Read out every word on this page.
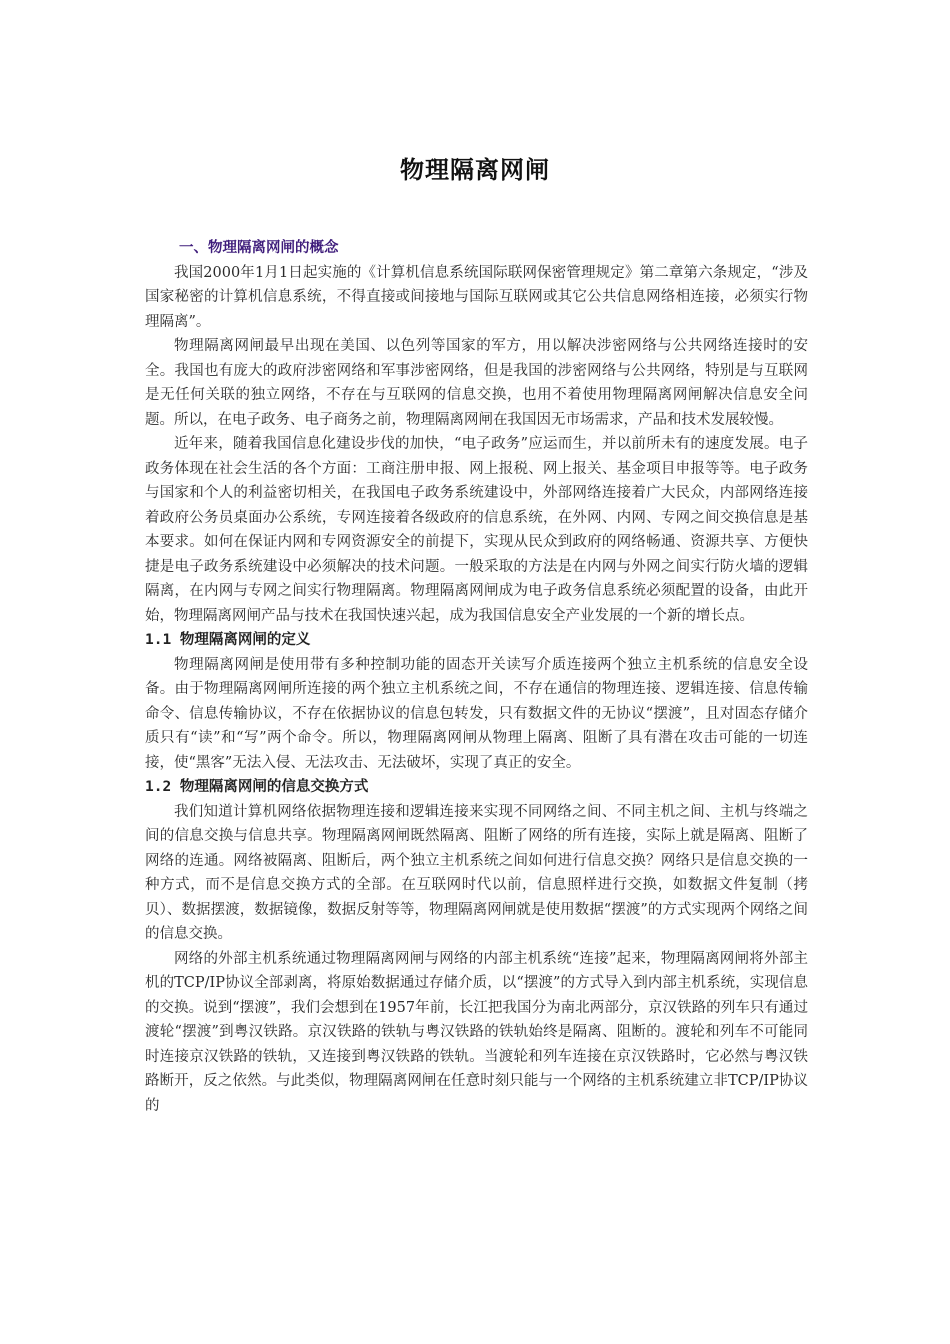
物理隔离网闸
一、物理隔离网闸的概念

我国2000年1月1日起实施的《计算机信息系统国际联网保密管理规定》第二章第六条规定，“涉及国家秘密的计算机信息系统，不得直接或间接地与国际互联网或其它公共信息网络相连接，必须实行物理隔离”。

物理隔离网闸最早出现在美国、以色列等国家的军方，用以解决涉密网络与公共网络连接时的安全。我国也有庞大的政府涉密网络和军事涉密网络，但是我国的涉密网络与公共网络，特别是与互联网是无任何关联的独立网络，不存在与互联网的信息交换，也用不着使用物理隔离网闸解决信息安全问题。所以，在电子政务、电子商务之前，物理隔离网闸在我国因无市场需求，产品和技术发展较慢。

近年来，随着我国信息化建设步伐的加快，“电子政务”应运而生，并以前所未有的速度发展。电子政务体现在社会生活的各个方面：工商注册申报、网上报税、网上报关、基金项目申报等等。电子政务与国家和个人的利益密切相关，在我国电子政务系统建设中，外部网络连接着广大民众，内部网络连接着政府公务员桌面办公系统，专网连接着各级政府的信息系统，在外网、内网、专网之间交换信息是基本要求。如何在保证内网和专网资源安全的前提下，实现从民众到政府的网络畅通、资源共享、方便快捷是电子政务系统建设中必须解决的技术问题。一般采取的方法是在内网与外网之间实行防火墙的逻辑隔离，在内网与专网之间实行物理隔离。物理隔离网闸成为电子政务信息系统必须配置的设备，由此开始，物理隔离网闸产品与技术在我国快速兴起，成为我国信息安全产业发展的一个新的增长点。

1.1 物理隔离网闸的定义

物理隔离网闸是使用带有多种控制功能的固态开关读写介质连接两个独立主机系统的信息安全设备。由于物理隔离网闸所连接的两个独立主机系统之间，不存在通信的物理连接、逻辑连接、信息传输命令、信息传输协议，不存在依据协议的信息包转发，只有数据文件的无协议“摆渡”，且对固态存储介质只有“读”和“写”两个命令。所以，物理隔离网闸从物理上隔离、阻断了具有潜在攻击可能的一切连接，使“黑客”无法入侵、无法攻击、无法破坏，实现了真正的安全。

1.2 物理隔离网闸的信息交换方式

我们知道计算机网络依据物理连接和逻辑连接来实现不同网络之间、不同主机之间、主机与终端之间的信息交换与信息共享。物理隔离网闸既然隔离、阻断了网络的所有连接，实际上就是隔离、阻断了网络的连通。网络被隔离、阻断后，两个独立主机系统之间如何进行信息交换？网络只是信息交换的一种方式，而不是信息交换方式的全部。在互联网时代以前，信息照样进行交换，如数据文件复制（拷贝）、数据摆渡，数据镜像，数据反射等等，物理隔离网闸就是使用数据“摆渡”的方式实现两个网络之间的信息交换。

网络的外部主机系统通过物理隔离网闸与网络的内部主机系统“连接”起来，物理隔离网闸将外部主机的TCP/IP协议全部剥离，将原始数据通过存储介质，以“摆渡”的方式导入到内部主机系统，实现信息的交换。说到“摆渡”，我们会想到在1957年前，长江把我国分为南北两部分，京汉铁路的列车只有通过渡轮“摆渡”到粤汉铁路。京汉铁路的铁轨与粤汉铁路的铁轨始终是隔离、阻断的。渡轮和列车不可能同时连接京汉铁路的铁轨，又连接到粤汉铁路的铁轨。当渡轮和列车连接在京汉铁路时，它必然与粤汉铁路断开，反之依然。与此类似，物理隔离网闸在任意时刻只能与一个网络的主机系统建立非TCP/IP协议的
